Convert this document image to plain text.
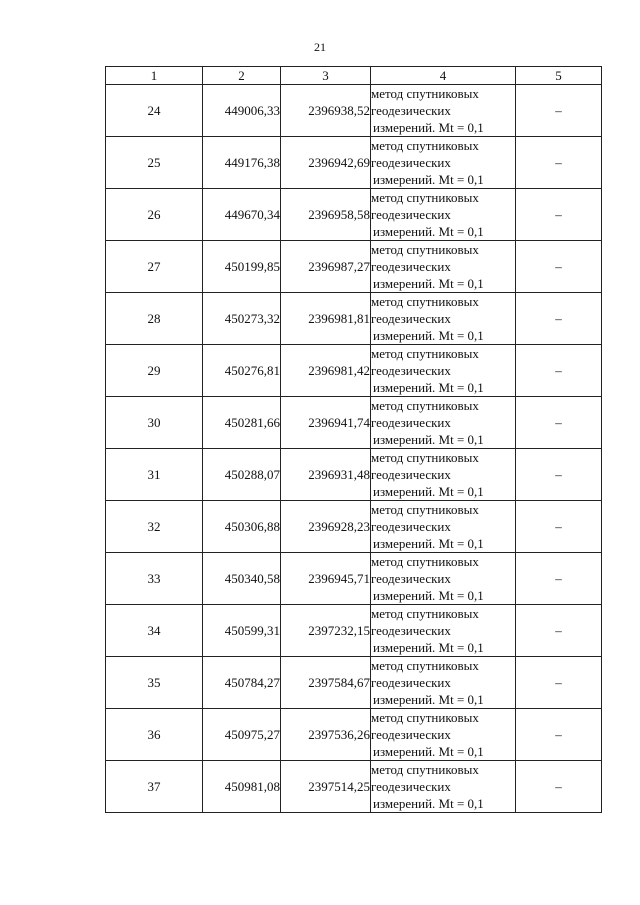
21
1	2	3	4	5
24	449006,33	2396938,52	метод спутниковых
геодезических
измерений. Mt = 0,1	–
25	449176,38	2396942,69	метод спутниковых
геодезических
измерений. Mt = 0,1	–
26	449670,34	2396958,58	метод спутниковых
геодезических
измерений. Mt = 0,1	–
27	450199,85	2396987,27	метод спутниковых
геодезических
измерений. Mt = 0,1	–
28	450273,32	2396981,81	метод спутниковых
геодезических
измерений. Mt = 0,1	–
29	450276,81	2396981,42	метод спутниковых
геодезических
измерений. Mt = 0,1	–
30	450281,66	2396941,74	метод спутниковых
геодезических
измерений. Mt = 0,1	–
31	450288,07	2396931,48	метод спутниковых
геодезических
измерений. Mt = 0,1	–
32	450306,88	2396928,23	метод спутниковых
геодезических
измерений. Mt = 0,1	–
33	450340,58	2396945,71	метод спутниковых
геодезических
измерений. Mt = 0,1	–
34	450599,31	2397232,15	метод спутниковых
геодезических
измерений. Mt = 0,1	–
35	450784,27	2397584,67	метод спутниковых
геодезических
измерений. Mt = 0,1	–
36	450975,27	2397536,26	метод спутниковых
геодезических
измерений. Mt = 0,1	–
37	450981,08	2397514,25	метод спутниковых
геодезических
измерений. Mt = 0,1	–
